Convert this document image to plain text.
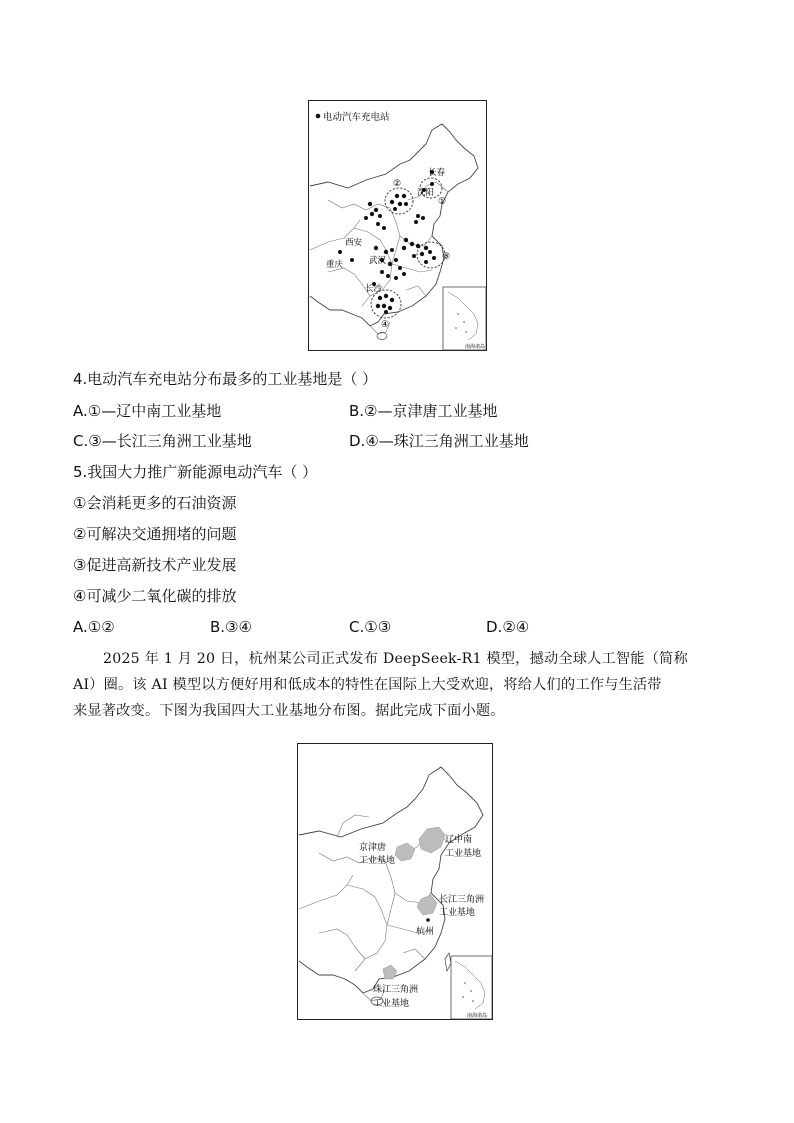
电动汽车充电站
长春
沈阳
西安
武汉
重庆
长沙
①
②
③
④
南海诸岛
4.电动汽车充电站分布最多的工业基地是（ ）
A.①—辽中南工业基地	B.②—京津唐工业基地
C.③—长江三角洲工业基地	D.④—珠江三角洲工业基地
5.我国大力推广新能源电动汽车（ ）
①会消耗更多的石油资源
②可解决交通拥堵的问题
③促进高新技术产业发展
④可减少二氧化碳的排放
A.①②	B.③④	C.①③	D.②④
2025 年 1 月 20 日，杭州某公司正式发布 DeepSeek-R1 模型，撼动全球人工智能（简称
AI）圈。该 AI 模型以方便好用和低成本的特性在国际上大受欢迎，将给人们的工作与生活带
来显著改变。下图为我国四大工业基地分布图。据此完成下面小题。
辽中南
工业基地
京津唐
工业基地
长江三角洲
工业基地
杭州
珠江三角洲
工业基地
南海诸岛
